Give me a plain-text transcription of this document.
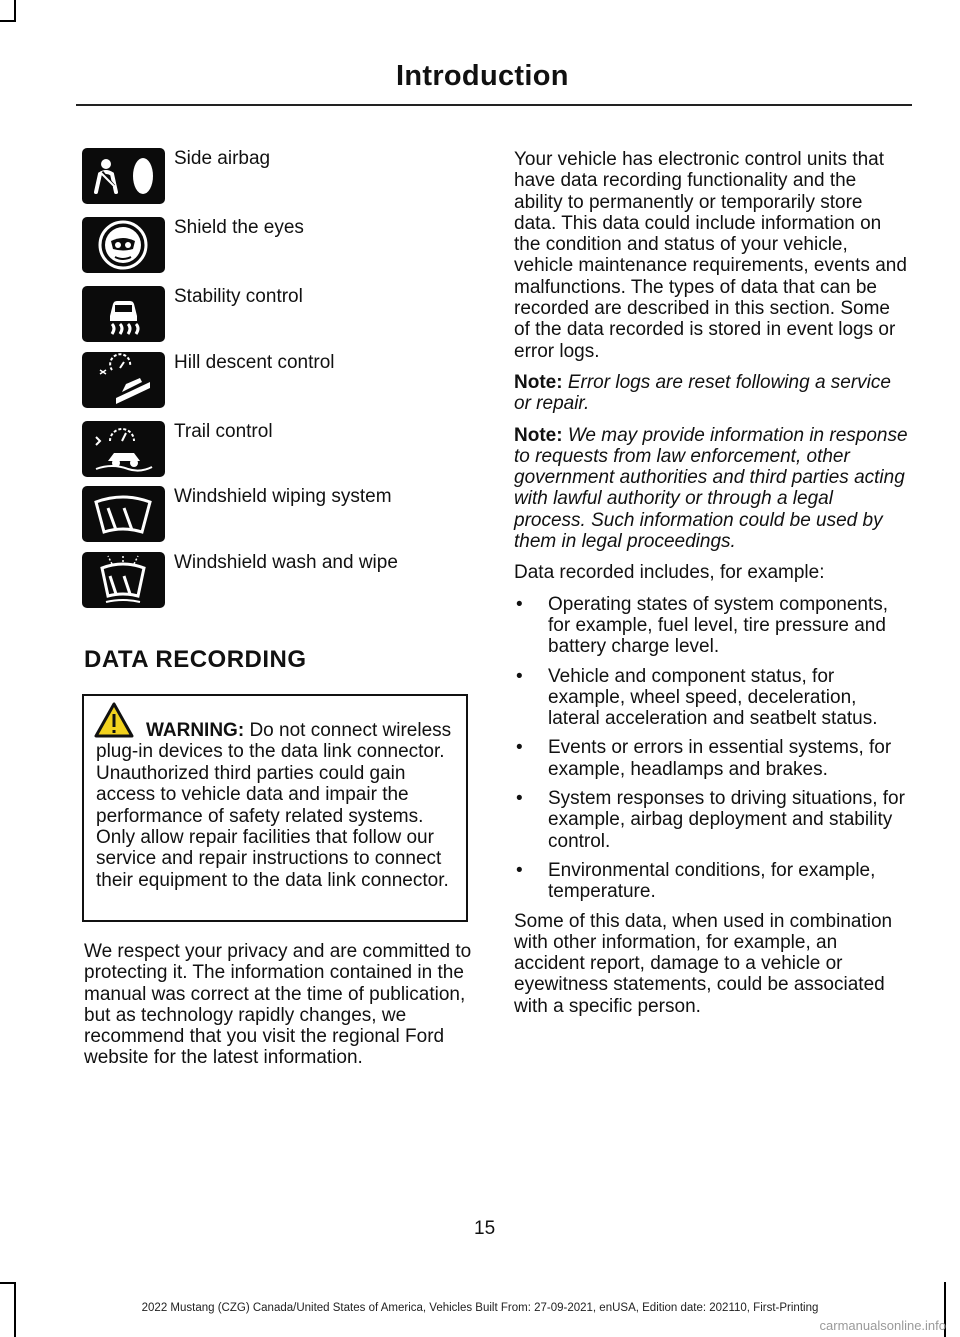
Introduction
Side airbag
Shield the eyes
Stability control
Hill descent control
Trail control
Windshield wiping system
Windshield wash and wipe
DATA RECORDING
WARNING: Do not connect wireless plug-in devices to the data link connector. Unauthorized third parties could gain access to vehicle data and impair the performance of safety related systems. Only allow repair facilities that follow our service and repair instructions to connect their equipment to the data link connector.
We respect your privacy and are committed to protecting it. The information contained in the manual was correct at the time of publication, but as technology rapidly changes, we recommend that you visit the regional Ford website for the latest information.

Your vehicle has electronic control units that have data recording functionality and the ability to permanently or temporarily store data. This data could include information on the condition and status of your vehicle, vehicle maintenance requirements, events and malfunctions. The types of data that can be recorded are described in this section. Some of the data recorded is stored in event logs or error logs.

Note: Error logs are reset following a service or repair.

Note: We may provide information in response to requests from law enforcement, other government authorities and third parties acting with lawful authority or through a legal process. Such information could be used by them in legal proceedings.

Data recorded includes, for example:

• Operating states of system components, for example, fuel level, tire pressure and battery charge level.
• Vehicle and component status, for example, wheel speed, deceleration, lateral acceleration and seatbelt status.
• Events or errors in essential systems, for example, headlamps and brakes.
• System responses to driving situations, for example, airbag deployment and stability control.
• Environmental conditions, for example, temperature.

Some of this data, when used in combination with other information, for example, an accident report, damage to a vehicle or eyewitness statements, could be associated with a specific person.

15
2022 Mustang (CZG) Canada/United States of America, Vehicles Built From: 27-09-2021, enUSA, Edition date: 202110, First-Printing
carmanualsonline.info
